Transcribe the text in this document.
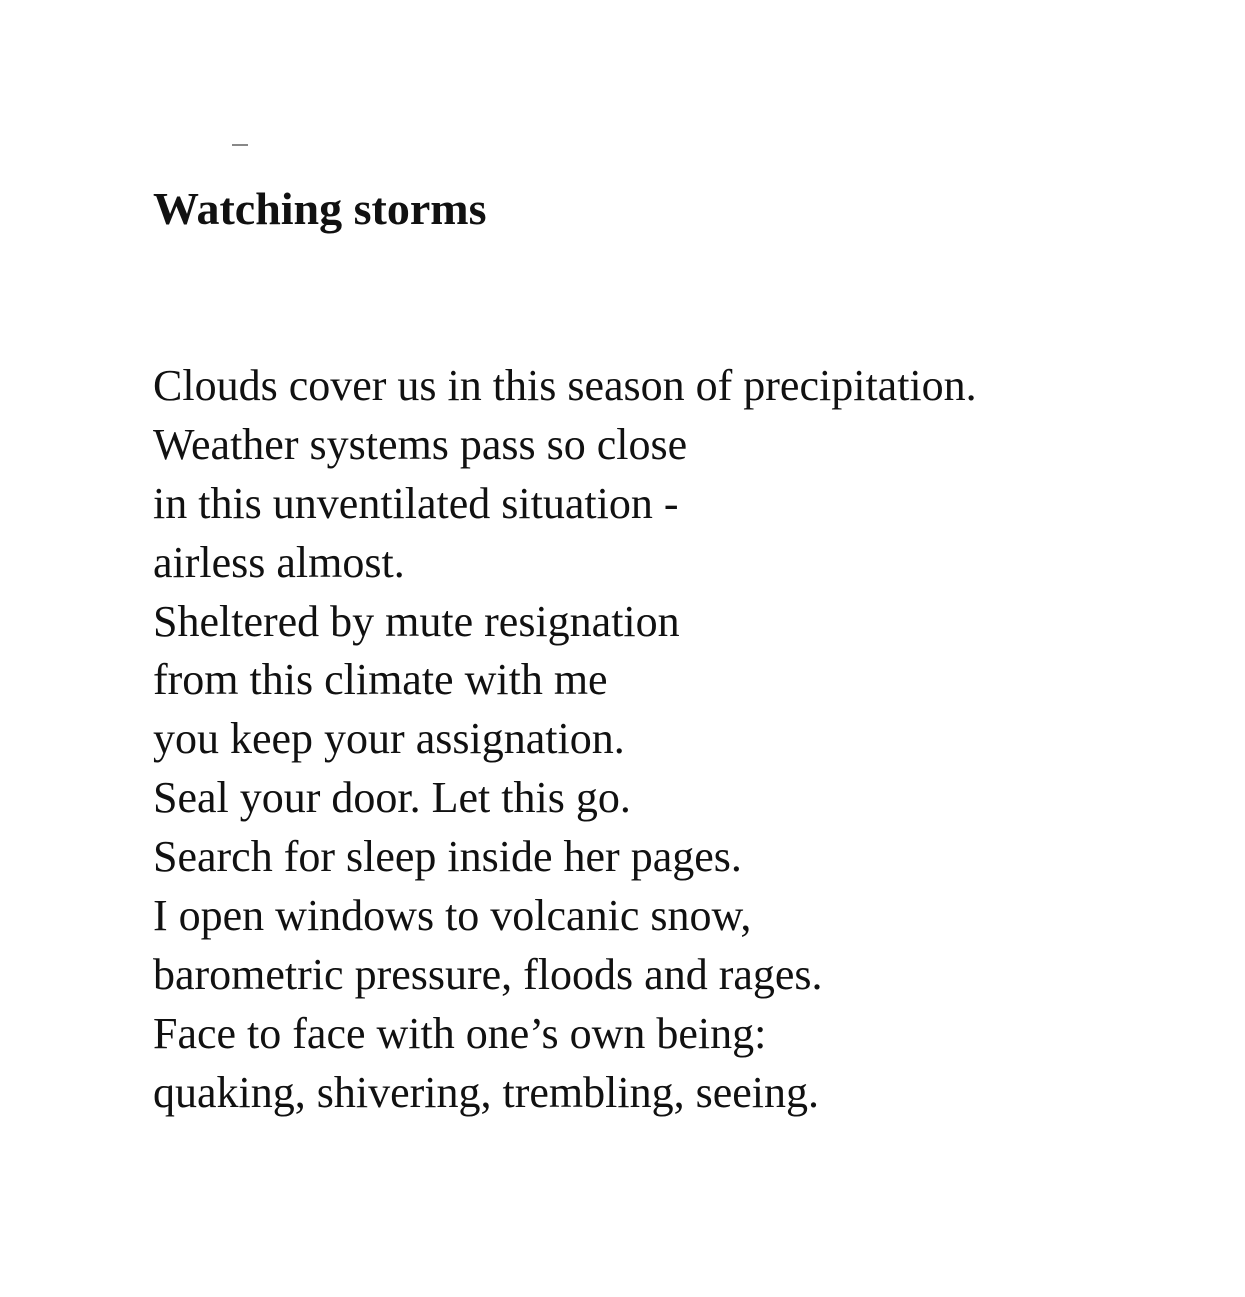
Watching storms
Clouds cover us in this season of precipitation.
Weather systems pass so close
in this unventilated situation -
airless almost.
Sheltered by mute resignation
from this climate with me
you keep your assignation.
Seal your door. Let this go.
Search for sleep inside her pages.
I open windows to volcanic snow,
barometric pressure, floods and rages.
Face to face with one’s own being:
quaking, shivering, trembling, seeing.
